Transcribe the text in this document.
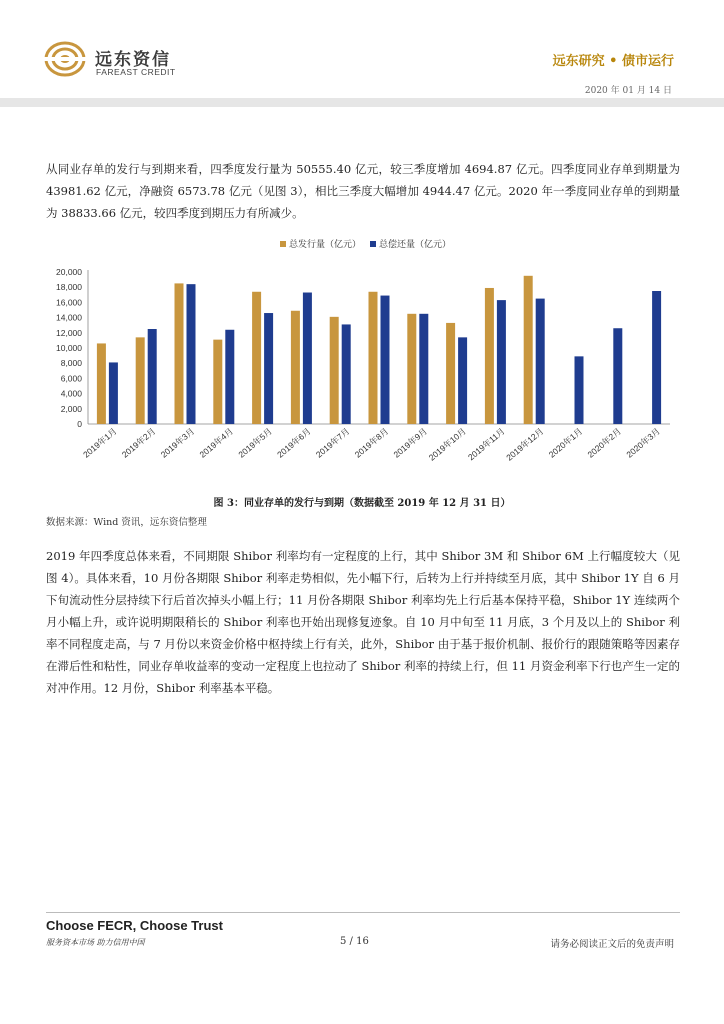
远东资信
FAREAST CREDIT
远东研究 • 债市运行
2020 年 01 月 14 日
从同业存单的发行与到期来看，四季度发行量为 50555.40 亿元，较三季度增加 4694.87 亿元。四季度同业存单到期量为 43981.62 亿元，净融资 6573.78 亿元（见图 3），相比三季度大幅增加 4944.47 亿元。2020 年一季度同业存单的到期量为 38833.66 亿元，较四季度到期压力有所减少。
总发行量（亿元） 总偿还量（亿元）
0
2,000
4,000
6,000
8,000
10,000
12,000
14,000
16,000
18,000
20,000
2019年1月 2019年2月 2019年3月 2019年4月 2019年5月 2019年6月 2019年7月 2019年8月 2019年9月
2019年10月
2019年11月
2019年12月 2020年1月 2020年2月 2020年3月
图 3：同业存单的发行与到期（数据截至 2019 年 12 月 31 日）
数据来源：Wind 资讯，远东资信整理
2019 年四季度总体来看，不同期限 Shibor 利率均有一定程度的上行，其中 Shibor 3M 和 Shibor 6M 上行幅度较大（见图 4）。具体来看，10 月份各期限 Shibor 利率走势相似，先小幅下行，后转为上行并持续至月底，其中 Shibor 1Y 自 6 月下旬流动性分层持续下行后首次掉头小幅上行；11 月份各期限 Shibor 利率均先上行后基本保持平稳，Shibor 1Y 连续两个月小幅上升，或许说明期限稍长的 Shibor 利率也开始出现修复迹象。自 10 月中旬至 11 月底，3 个月及以上的 Shibor 利率不同程度走高，与 7 月份以来资金价格中枢持续上行有关，此外，Shibor 由于基于报价机制、报价行的跟随策略等因素存在滞后性和粘性，同业存单收益率的变动一定程度上也拉动了 Shibor 利率的持续上行，但 11 月资金利率下行也产生一定的对冲作用。12 月份，Shibor 利率基本平稳。
Choose FECR, Choose Trust
服务资本市场 助力信用中国	5 / 16	请务必阅读正文后的免责声明
